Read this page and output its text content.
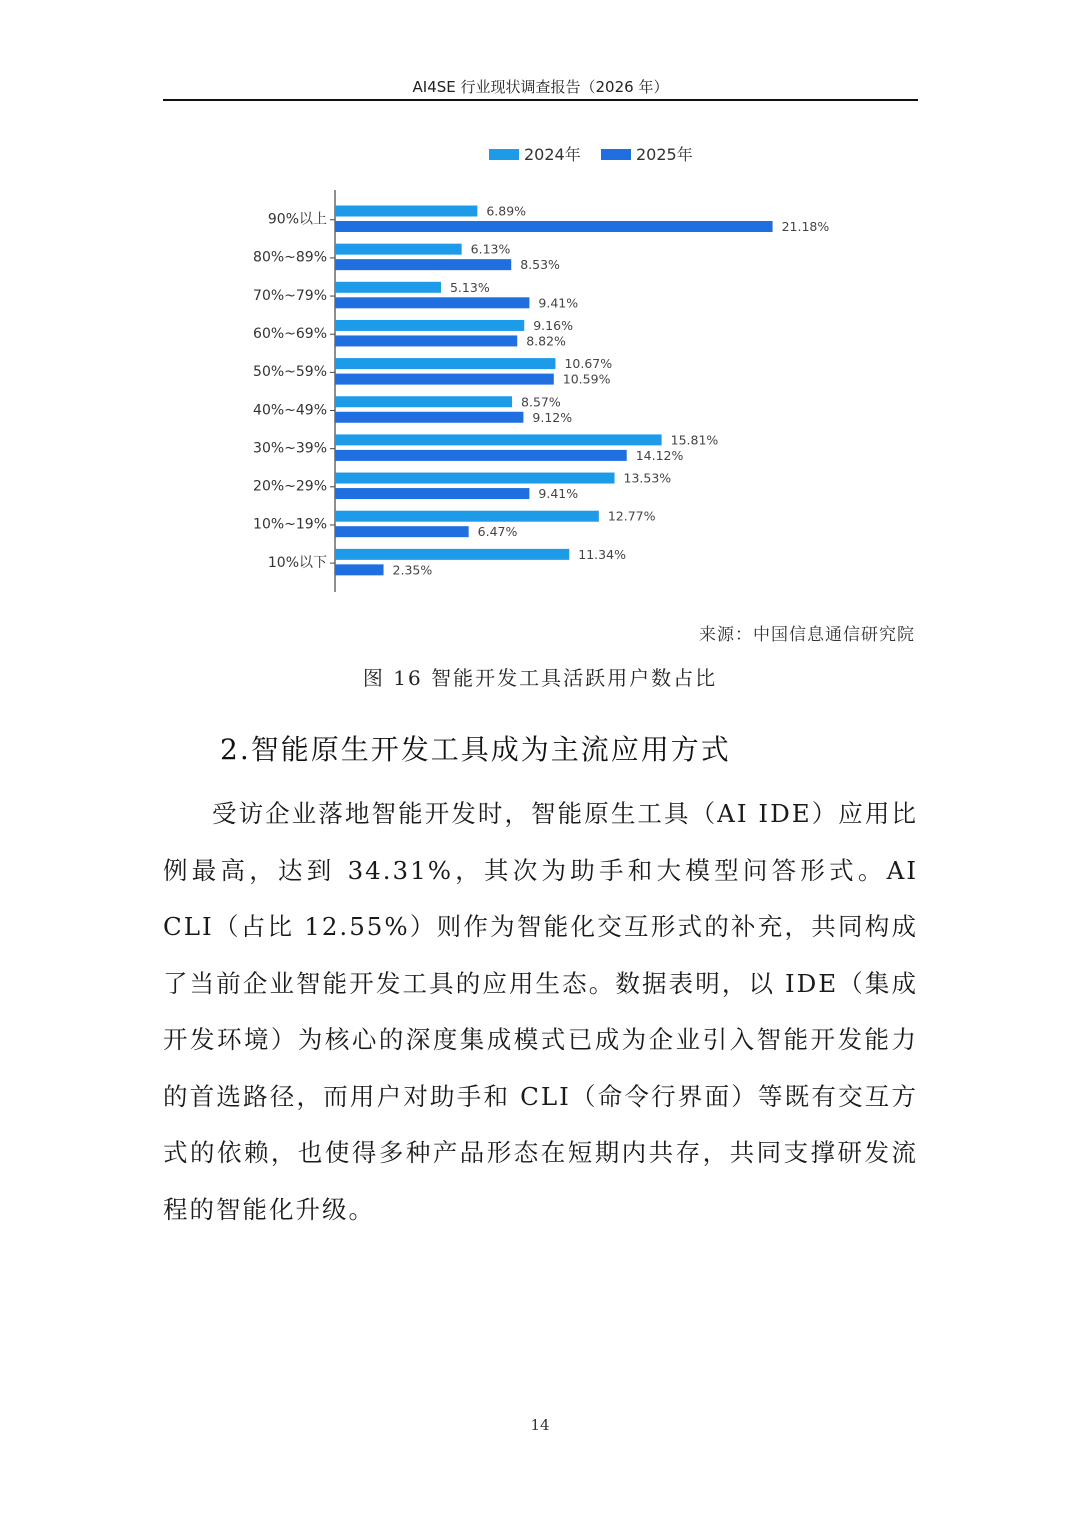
AI4SE 行业现状调查报告（2026 年）
2024年	2025年
90%以上
6.89%
21.18%
80%~89%
6.13%
8.53%
70%~79%
5.13%
9.41%
60%~69%
9.16%
8.82%
50%~59%
10.67%
10.59%
40%~49%
8.57%
9.12%
30%~39%
15.81%
14.12%
20%~29%
13.53%
9.41%
10%~19%
12.77%
6.47%
10%以下
11.34%
2.35%
来源：中国信息通信研究院
图 16 智能开发工具活跃用户数占比
2.智能原生开发工具成为主流应用方式
受访企业落地智能开发时，智能原生工具（AI IDE）应用比例最高，达到 34.31%，其次为助手和大模型问答形式。AI CLI（占比 12.55%）则作为智能化交互形式的补充，共同构成了当前企业智能开发工具的应用生态。数据表明，以 IDE（集成开发环境）为核心的深度集成模式已成为企业引入智能开发能力的首选路径，而用户对助手和 CLI（命令行界面）等既有交互方式的依赖，也使得多种产品形态在短期内共存，共同支撑研发流程的智能化升级。
14
